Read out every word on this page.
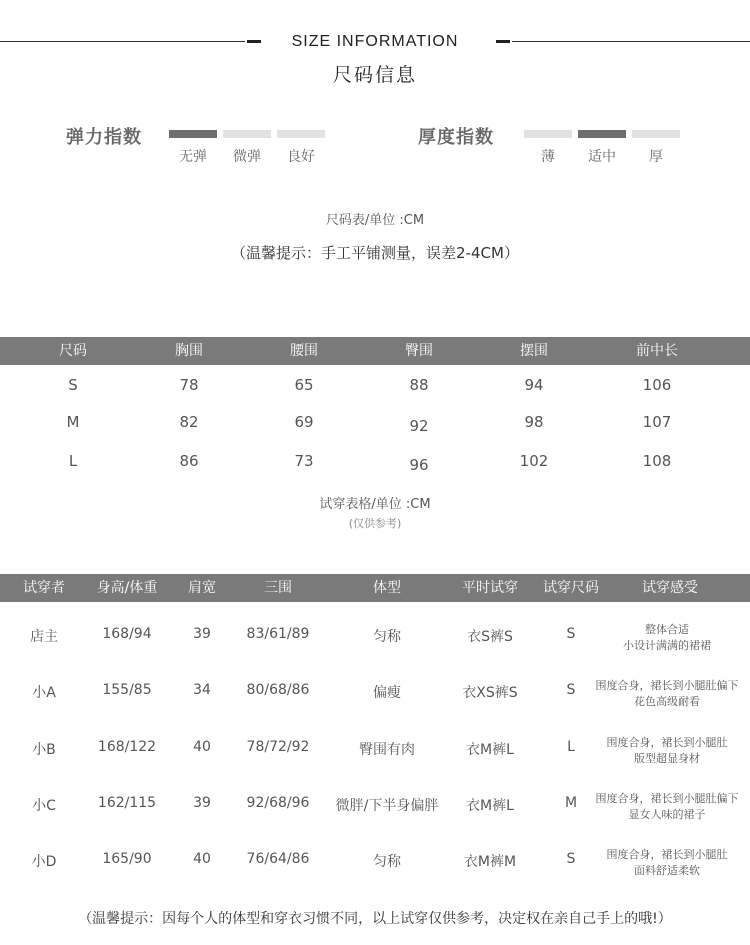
SIZE INFORMATION
尺码信息
弹力指数
无弹	微弹	良好
厚度指数
薄	适中	厚
尺码表/单位 :CM
（温馨提示：手工平铺测量，误差2-4CM）
尺码	胸围	腰围	臀围	摆围	前中长
S	78	65	88	94	106
M	82	69	92	98	107
L	86	73	96	102	108
试穿表格/单位 :CM
(仅供参考)
试穿者	身高/体重	肩宽	三围	体型	平时试穿	试穿尺码	试穿感受
店主	168/94	39	83/61/89	匀称	衣S裤S	S	整体合适
小设计满满的裙裙
小A	155/85	34	80/68/86	偏瘦	衣XS裤S	S	围度合身，裙长到小腿肚偏下
花色高级耐看
小B	168/122	40	78/72/92	臀围有肉	衣M裤L	L	围度合身，裙长到小腿肚
版型超显身材
小C	162/115	39	92/68/96	微胖/下半身偏胖	衣M裤L	M	围度合身，裙长到小腿肚偏下
显女人味的裙子
小D	165/90	40	76/64/86	匀称	衣M裤M	S	围度合身，裙长到小腿肚
面料舒适柔软
（温馨提示：因每个人的体型和穿衣习惯不同，以上试穿仅供参考，决定权在亲自己手上的哦!）
